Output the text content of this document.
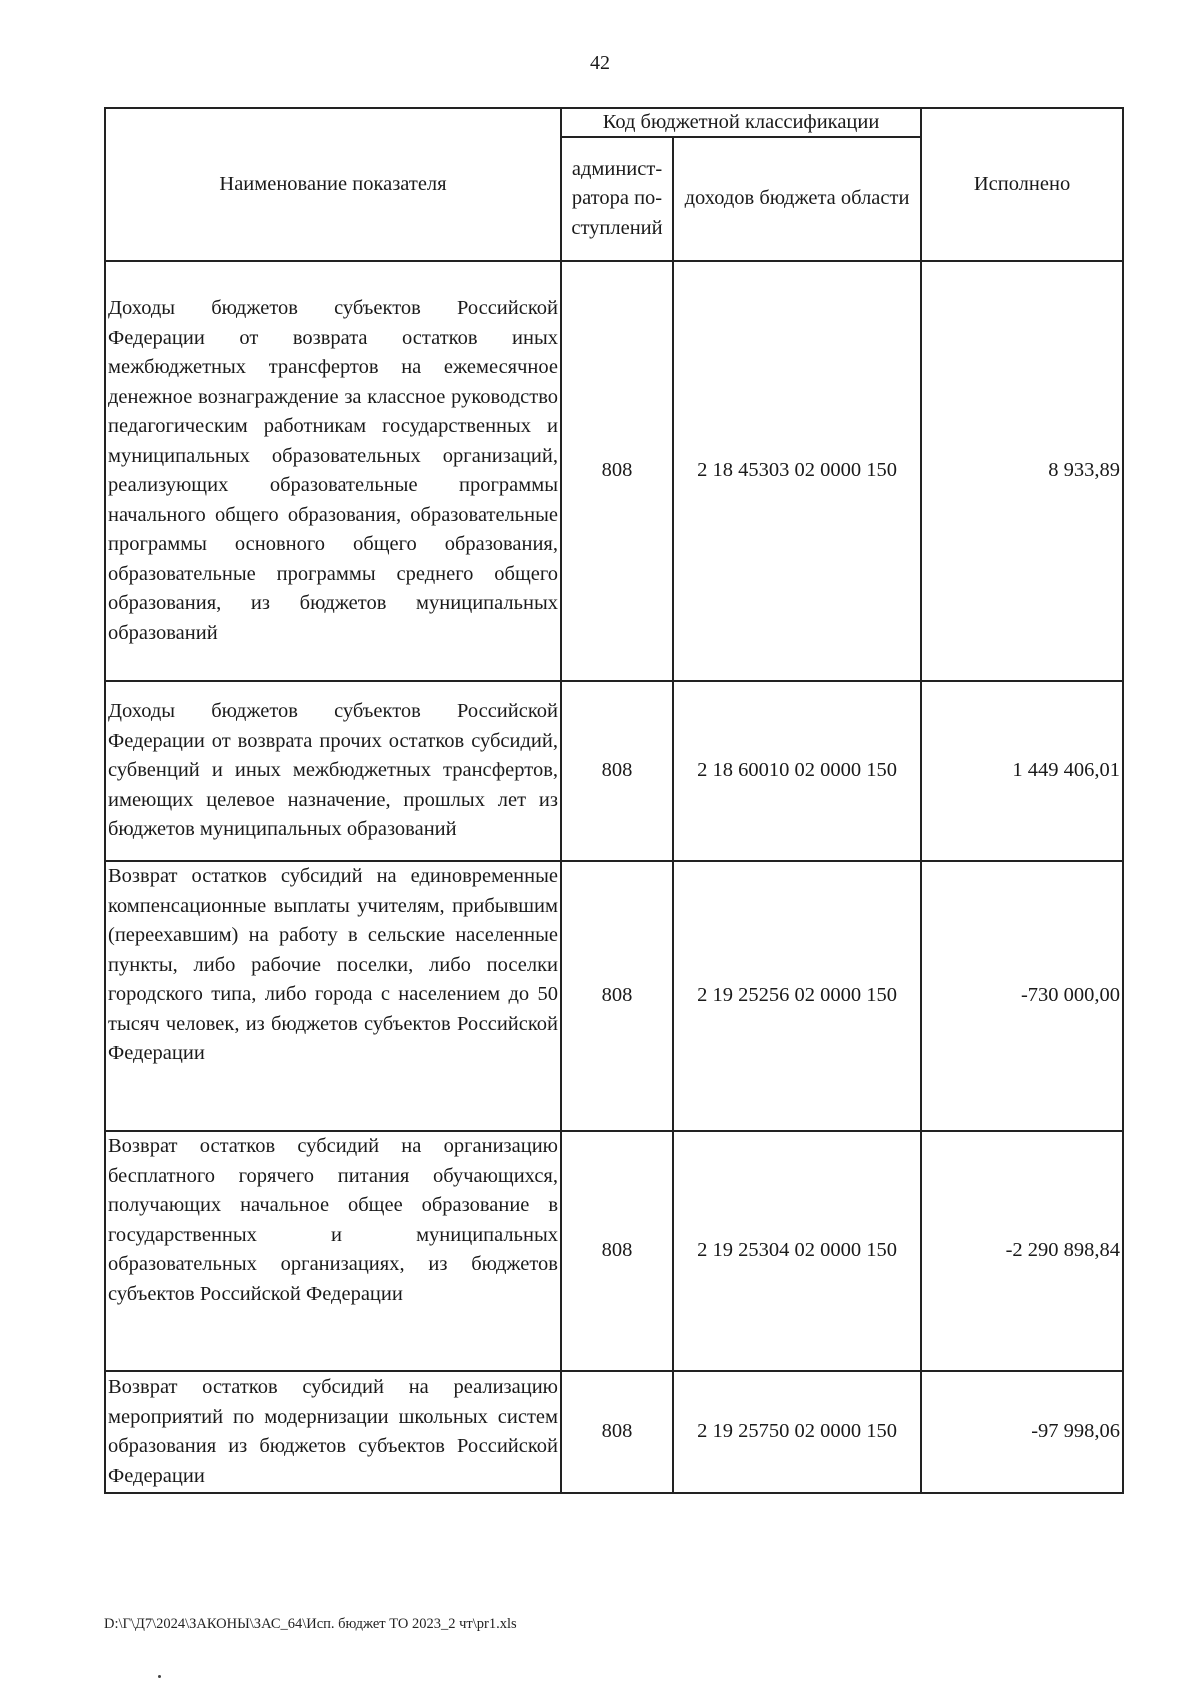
42
Наименование показателя	Код бюджетной классификации		Исполнено
	админист-ратора по-ступлений	доходов бюджета области	
Доходы бюджетов субъектов Российской Федерации от возврата остатков иных межбюджетных трансфертов на ежемесячное денежное вознаграждение за классное руководство педагогическим работникам государственных и муниципальных образовательных организаций, реализующих образовательные программы начального общего образования, образовательные программы основного общего образования, образовательные программы среднего общего образования, из бюджетов муниципальных образований	808	2 18 45303 02 0000 150	8 933,89
Доходы бюджетов субъектов Российской Федерации от возврата прочих остатков субсидий, субвенций и иных межбюджетных трансфертов, имеющих целевое назначение, прошлых лет из бюджетов муниципальных образований	808	2 18 60010 02 0000 150	1 449 406,01
Возврат остатков субсидий на единовременные компенсационные выплаты учителям, прибывшим (переехавшим) на работу в сельские населенные пункты, либо рабочие поселки, либо поселки городского типа, либо города с населением до 50 тысяч человек, из бюджетов субъектов Российской Федерации	808	2 19 25256 02 0000 150	-730 000,00
Возврат остатков субсидий на организацию бесплатного горячего питания обучающихся, получающих начальное общее образование в государственных и муниципальных образовательных организациях, из бюджетов субъектов Российской Федерации	808	2 19 25304 02 0000 150	-2 290 898,84
Возврат остатков субсидий на реализацию мероприятий по модернизации школьных систем образования из бюджетов субъектов Российской Федерации	808	2 19 25750 02 0000 150	-97 998,06
D:\Г\Д7\2024\ЗАКОНЫ\ЗАС_64\Исп. бюджет ТО 2023_2 чт\pr1.xls
